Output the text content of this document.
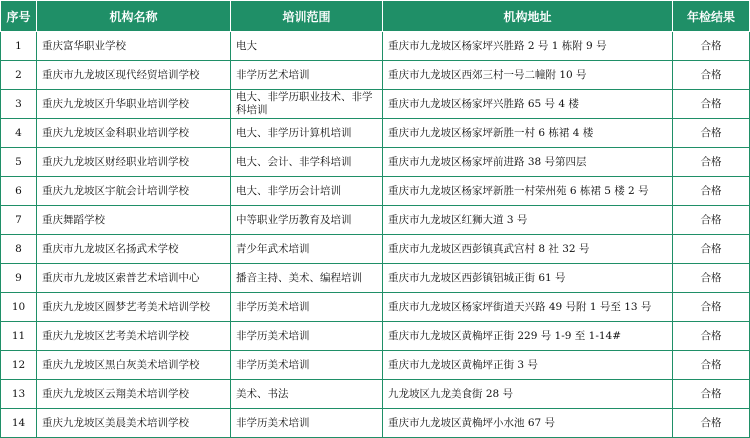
序号	机构名称	培训范围	机构地址	年检结果
1	重庆富华职业学校	电大	重庆市九龙坡区杨家坪兴胜路 2 号 1 栋附 9 号	合格
2	重庆市九龙坡区现代经贸培训学校	非学历艺术培训	重庆市九龙坡区西郊三村一号二幢附 10 号	合格
3	重庆九龙坡区升华职业培训学校	电大、非学历职业技术、非学科培训	重庆市九龙坡区杨家坪兴胜路 65 号 4 楼	合格
4	重庆九龙坡区金科职业培训学校	电大、非学历计算机培训	重庆市九龙坡区杨家坪新胜一村 6 栋裙 4 楼	合格
5	重庆九龙坡区财经职业培训学校	电大、会计、非学科培训	重庆市九龙坡区杨家坪前进路 38 号第四层	合格
6	重庆九龙坡区宇航会计培训学校	电大、非学历会计培训	重庆市九龙坡区杨家坪新胜一村荣州苑 6 栋裙 5 楼 2 号	合格
7	重庆舞蹈学校	中等职业学历教育及培训	重庆市九龙坡区红狮大道 3 号	合格
8	重庆市九龙坡区名扬武术学校	青少年武术培训	重庆市九龙坡区西彭镇真武宫村 8 社 32 号	合格
9	重庆市九龙坡区索普艺术培训中心	播音主持、美术、编程培训	重庆市九龙坡区西彭镇铝城正街 61 号	合格
10	重庆九龙坡区圆梦艺考美术培训学校	非学历美术培训	重庆市九龙坡区杨家坪街道天兴路 49 号附 1 号至 13 号	合格
11	重庆九龙坡区艺考美术培训学校	非学历美术培训	重庆市九龙坡区黄桷坪正街 229 号 1-9 至 1-14#	合格
12	重庆九龙坡区黑白灰美术培训学校	非学历美术培训	重庆市九龙坡区黄桷坪正街 3 号	合格
13	重庆九龙坡区云翔美术培训学校	美术、书法	九龙坡区九龙美食街 28 号	合格
14	重庆九龙坡区美晨美术培训学校	非学历美术培训	重庆市九龙坡区黄桷坪小水池 67 号	合格
